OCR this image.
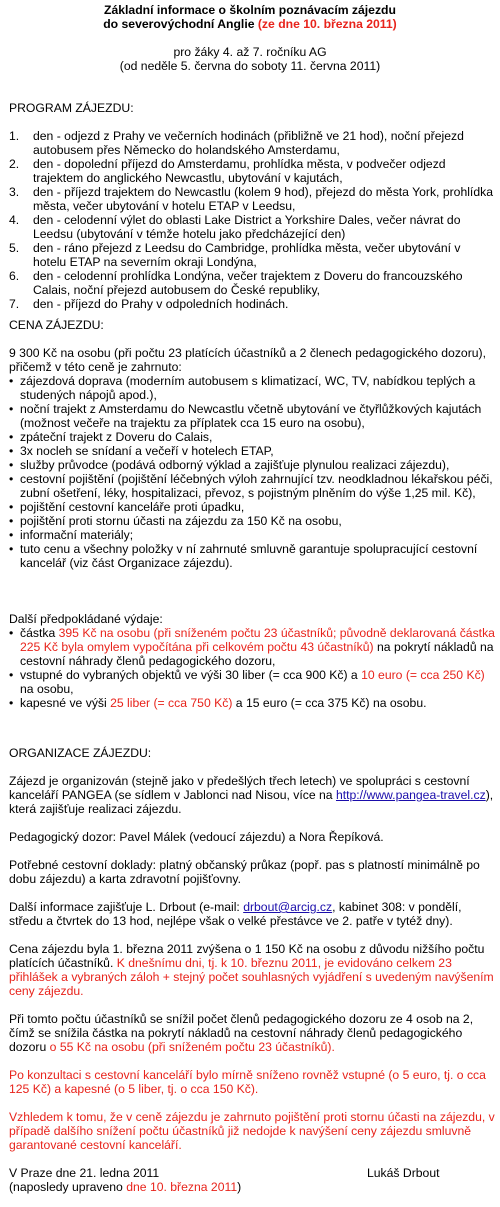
Základní informace o školním poznávacím zájezdu
do severovýchodní Anglie (ze dne 10. března 2011)
pro žáky 4. až 7. ročníku AG
(od neděle 5. června do soboty 11. června 2011)
PROGRAM ZÁJEZDU:
1. den - odjezd z Prahy ve večerních hodinách (přibližně ve 21 hod), noční přejezd autobusem přes Německo do holandského Amsterdamu,
2. den - dopolední příjezd do Amsterdamu, prohlídka města, v podvečer odjezd trajektem do anglického Newcastlu, ubytování v kajutách,
3. den - příjezd trajektem do Newcastlu (kolem 9 hod), přejezd do města York, prohlídka města, večer ubytování v hotelu ETAP v Leedsu,
4. den - celodenní výlet do oblasti Lake District a Yorkshire Dales, večer návrat do Leedsu (ubytování v témže hotelu jako předcházející den)
5. den - ráno přejezd z Leedsu do Cambridge, prohlídka města, večer ubytování v hotelu ETAP na severním okraji Londýna,
6. den - celodenní prohlídka Londýna, večer trajektem z Doveru do francouzského Calais, noční přejezd autobusem do České republiky,
7. den - příjezd do Prahy v odpoledních hodinách.
CENA ZÁJEZDU:
9 300 Kč na osobu (při počtu 23 platících účastníků a 2 členech pedagogického dozoru), přičemž v této ceně je zahrnuto:
• zájezdová doprava (moderním autobusem s klimatizací, WC, TV, nabídkou teplých a studených nápojů apod.),
• noční trajekt z Amsterdamu do Newcastlu včetně ubytování ve čtyřlůžkových kajutách (možnost večeře na trajektu za příplatek cca 15 euro na osobu),
• zpáteční trajekt z Doveru do Calais,
• 3x nocleh se snídaní a večeří v hotelech ETAP,
• služby průvodce (podává odborný výklad a zajišťuje plynulou realizaci zájezdu),
• cestovní pojištění (pojištění léčebných výloh zahrnující tzv. neodkladnou lékařskou péči, zubní ošetření, léky, hospitalizaci, převoz, s pojistným plněním do výše 1,25 mil. Kč),
• pojištění cestovní kanceláře proti úpadku,
• pojištění proti stornu účasti na zájezdu za 150 Kč na osobu,
• informační materiály;
• tuto cenu a všechny položky v ní zahrnuté smluvně garantuje spolupracující cestovní kancelář (viz část Organizace zájezdu).
Další předpokládané výdaje:
• částka 395 Kč na osobu (při sníženém počtu 23 účastníků; původně deklarovaná částka 225 Kč byla omylem vypočítána při celkovém počtu 43 účastníků) na pokrytí nákladů na cestovní náhrady členů pedagogického dozoru,
• vstupné do vybraných objektů ve výši 30 liber (= cca 900 Kč) a 10 euro (= cca 250 Kč) na osobu,
• kapesné ve výši 25 liber (= cca 750 Kč) a 15 euro (= cca 375 Kč) na osobu.
ORGANIZACE ZÁJEZDU:
Zájezd je organizován (stejně jako v předešlých třech letech) ve spolupráci s cestovní kanceláří PANGEA (se sídlem v Jablonci nad Nisou, více na http://www.pangea-travel.cz), která zajišťuje realizaci zájezdu.
Pedagogický dozor: Pavel Málek (vedoucí zájezdu) a Nora Řepíková.
Potřebné cestovní doklady: platný občanský průkaz (popř. pas s platností minimálně po dobu zájezdu) a karta zdravotní pojišťovny.
Další informace zajišťuje L. Drbout (e-mail: drbout@arcig.cz, kabinet 308: v pondělí, středu a čtvrtek do 13 hod, nejlépe však o velké přestávce ve 2. patře v tytéž dny).
Cena zájezdu byla 1. března 2011 zvýšena o 1 150 Kč na osobu z důvodu nižšího počtu platících účastníků. K dnešnímu dni, tj. k 10. březnu 2011, je evidováno celkem 23 přihlášek a vybraných záloh + stejný počet souhlasných vyjádření s uvedeným navýšením ceny zájezdu.
Při tomto počtu účastníků se snížil počet členů pedagogického dozoru ze 4 osob na 2, čímž se snížila částka na pokrytí nákladů na cestovní náhrady členů pedagogického dozoru o 55 Kč na osobu (při sníženém počtu 23 účastníků).
Po konzultaci s cestovní kanceláří bylo mírně sníženo rovněž vstupné (o 5 euro, tj. o cca 125 Kč) a kapesné (o 5 liber, tj. o cca 150 Kč).
Vzhledem k tomu, že v ceně zájezdu je zahrnuto pojištění proti stornu účasti na zájezdu, v případě dalšího snížení počtu účastníků již nedojde k navýšení ceny zájezdu smluvně garantované cestovní kanceláří.
V Praze dne 21. ledna 2011	Lukáš Drbout
(naposledy upraveno dne 10. března 2011)
